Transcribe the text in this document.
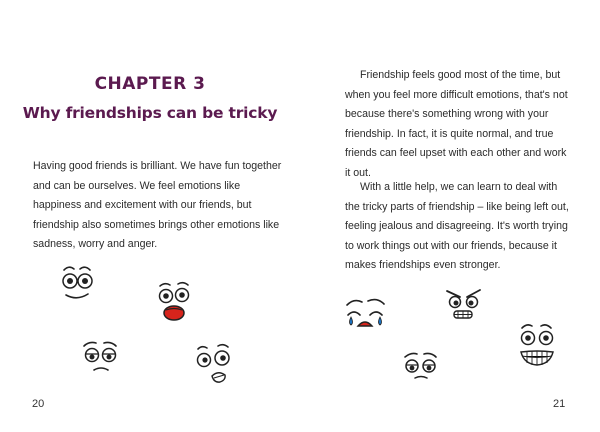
CHAPTER 3
Why friendships can be tricky

Having good friends is brilliant. We have fun together and can be ourselves. We feel emotions like happiness and excitement with our friends, but friendship also sometimes brings other emotions like sadness, worry and anger.

20

Friendship feels good most of the time, but when you feel more difficult emotions, that's not because there's something wrong with your friendship. In fact, it is quite normal, and true friends can feel upset with each other and work it out.

With a little help, we can learn to deal with the tricky parts of friendship – like being left out, feeling jealous and disagreeing. It's worth trying to work things out with our friends, because it makes friendships even stronger.

21
